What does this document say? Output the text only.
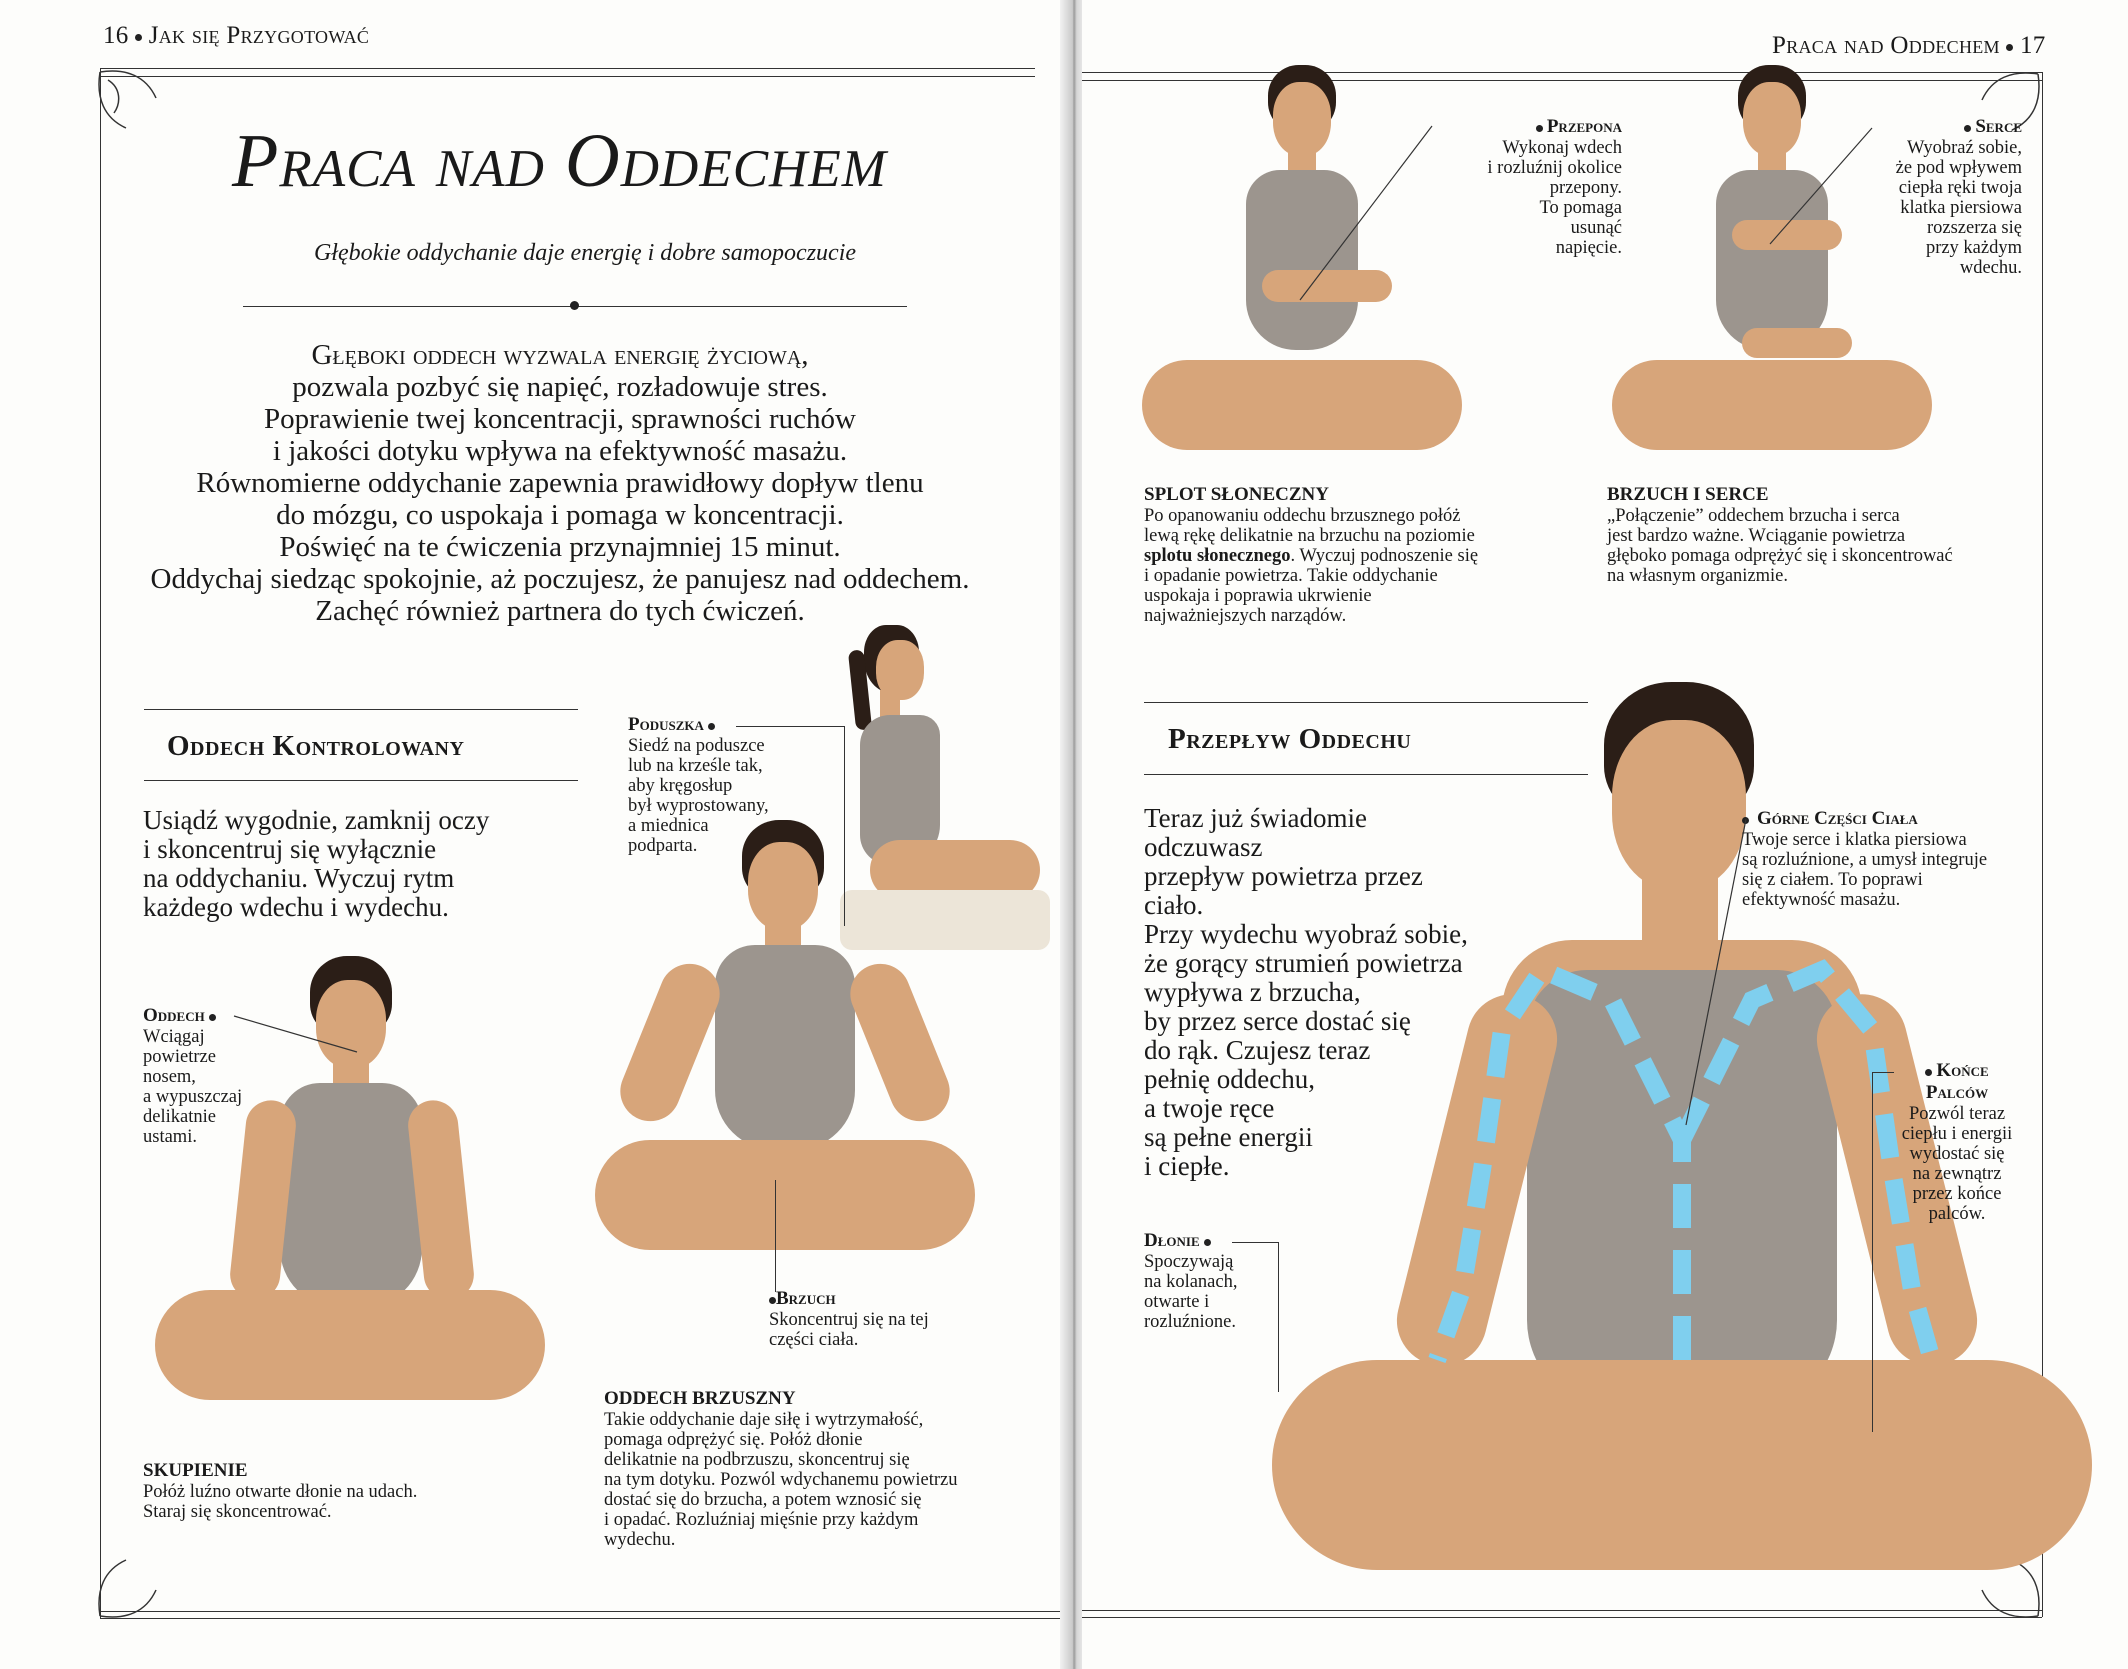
16 Jak się Przygotować
Praca nad Oddechem
Głębokie oddychanie daje energię i dobre samopoczucie
Głęboki oddech wyzwala energię życiową,
pozwala pozbyć się napięć, rozładowuje stres.
Poprawienie twej koncentracji, sprawności ruchów
i jakości dotyku wpływa na efektywność masażu.
Równomierne oddychanie zapewnia prawidłowy dopływ tlenu
do mózgu, co uspokaja i pomaga w koncentracji.
Poświęć na te ćwiczenia przynajmniej 15 minut.
Oddychaj siedząc spokojnie, aż poczujesz, że panujesz nad oddechem.
Zachęć również partnera do tych ćwiczeń.
Oddech Kontrolowany
Usiądź wygodnie, zamknij oczy
i skoncentruj się wyłącznie
na oddychaniu. Wyczuj rytm
każdego wdechu i wydechu.
Poduszka
Siedź na poduszce
lub na krześle tak,
aby kręgosłup
był wyprostowany,
a miednica
podparta.
Oddech
Wciągaj
powietrze
nosem,
a wypuszczaj
delikatnie
ustami.
Brzuch
Skoncentruj się na tej
części ciała.
SKUPIENIE
Połóż luźno otwarte dłonie na udach.
Staraj się skoncentrować.
ODDECH BRZUSZNY
Takie oddychanie daje siłę i wytrzymałość,
pomaga odprężyć się. Połóż dłonie
delikatnie na podbrzuszu, skoncentruj się
na tym dotyku. Pozwól wdychanemu powietrzu
dostać się do brzucha, a potem wznosić się
i opadać. Rozluźniaj mięśnie przy każdym
wydechu.
Praca nad Oddechem 17
Przepona
Wykonaj wdech
i rozluźnij okolice
przepony.
To pomaga
usunąć
napięcie.
Serce
Wyobraź sobie,
że pod wpływem
ciepła ręki twoja
klatka piersiowa
rozszerza się
przy każdym
wdechu.
SPLOT SŁONECZNY
Po opanowaniu oddechu brzusznego połóż
lewą rękę delikatnie na brzuchu na poziomie
splotu słonecznego. Wyczuj podnoszenie się
i opadanie powietrza. Takie oddychanie
uspokaja i poprawia ukrwienie
najważniejszych narządów.
BRZUCH I SERCE
„Połączenie” oddechem brzucha i serca
jest bardzo ważne. Wciąganie powietrza
głęboko pomaga odprężyć się i skoncentrować
na własnym organizmie.
Przepływ Oddechu
Teraz już świadomie odczuwasz
przepływ powietrza przez ciało.
Przy wydechu wyobraź sobie,
że gorący strumień powietrza
wypływa z brzucha,
by przez serce dostać się
do rąk. Czujesz teraz
pełnię oddechu,
a twoje ręce
są pełne energii
i ciepłe.
Górne Części Ciała
Twoje serce i klatka piersiowa
są rozluźnione, a umysł integruje
się z ciałem. To poprawi
efektywność masażu.
Końce
Palców
Pozwól teraz
ciepłu i energii
wydostać się
na zewnątrz
przez końce
palców.
Dłonie
Spoczywają
na kolanach,
otwarte i
rozluźnione.
